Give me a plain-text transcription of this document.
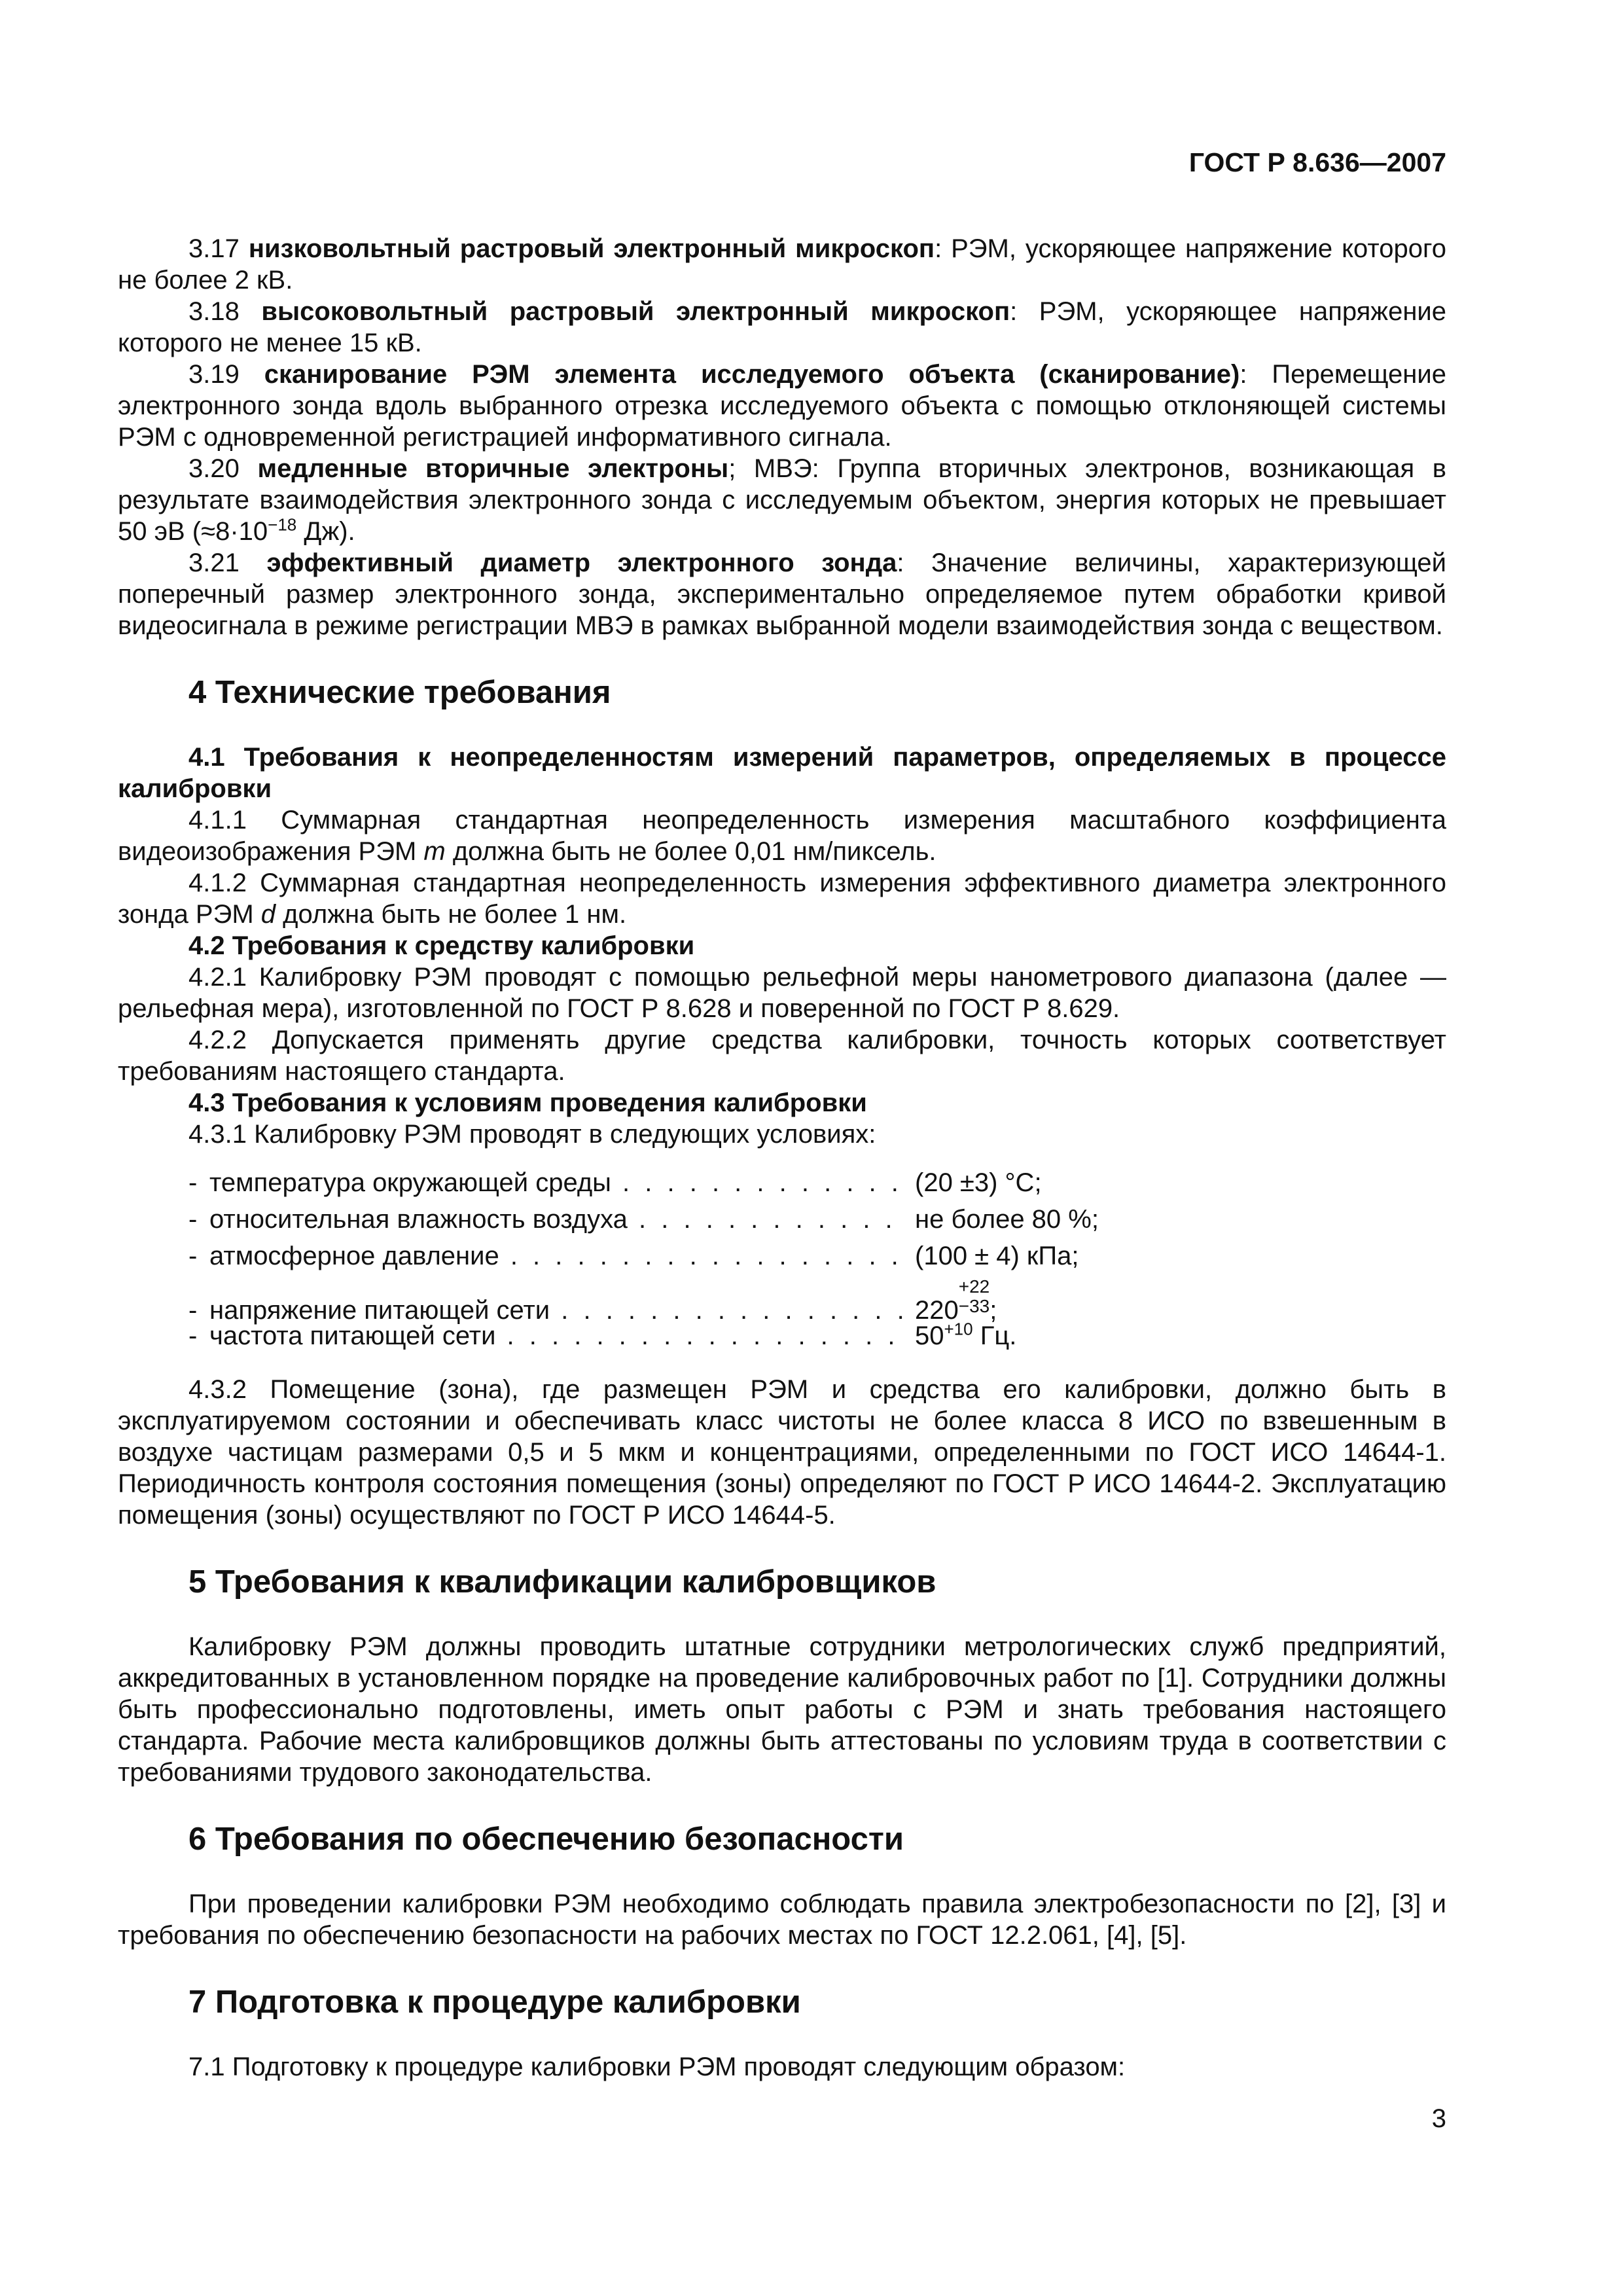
ГОСТ Р 8.636—2007

3.17 низковольтный растровый электронный микроскоп: РЭМ, ускоряющее напряжение которого не более 2 кВ.

3.18 высоковольтный растровый электронный микроскоп: РЭМ, ускоряющее напряжение которого не менее 15 кВ.

3.19 сканирование РЭМ элемента исследуемого объекта (сканирование): Перемещение электронного зонда вдоль выбранного отрезка исследуемого объекта с помощью отклоняющей системы РЭМ с одновременной регистрацией информативного сигнала.

3.20 медленные вторичные электроны; МВЭ: Группа вторичных электронов, возникающая в результате взаимодействия электронного зонда с исследуемым объектом, энергия которых не превышает 50 эВ ($\approx 8\cdot 10^{-18}$ Дж).

3.21 эффективный диаметр электронного зонда: Значение величины, характеризующей поперечный размер электронного зонда, экспериментально определяемое путем обработки кривой видеосигнала в режиме регистрации МВЭ в рамках выбранной модели взаимодействия зонда с веществом.

4 Технические требования
4.1 Требования к неопределенностям измерений параметров, определяемых в процессе калибровки

4.1.1 Суммарная стандартная неопределенность измерения масштабного коэффициента видеоизображения РЭМ m должна быть не более 0,01 нм/пиксель.

4.1.2 Суммарная стандартная неопределенность измерения эффективного диаметра электронного зонда РЭМ d должна быть не более 1 нм.

4.2 Требования к средству калибровки

4.2.1 Калибровку РЭМ проводят с помощью рельефной меры нанометрового диапазона (далее — рельефная мера), изготовленной по ГОСТ Р 8.628 и поверенной по ГОСТ Р 8.629.

4.2.2 Допускается применять другие средства калибровки, точность которых соответствует требованиям настоящего стандарта.

4.3 Требования к условиям проведения калибровки

4.3.1 Калибровку РЭМ проводят в следующих условиях:

- температура окружающей среды . . .	(20 ±3) °С;
- относительная влажность воздуха . . .	не более 80 %;
- атмосферное давление . . .	(100 ± 4) кПа;
- напряжение питающей сети . . .	220
+22
−33 ;
- частота питающей сети . . .	$50^{+10}$ Гц.

4.3.2 Помещение (зона), где размещен РЭМ и средства его калибровки, должно быть в эксплуатируемом состоянии и обеспечивать класс чистоты не более класса 8 ИСО по взвешенным в воздухе частицам размерами 0,5 и 5 мкм и концентрациями, определенными по ГОСТ ИСО 14644-1. Периодичность контроля состояния помещения (зоны) определяют по ГОСТ Р ИСО 14644-2. Эксплуатацию помещения (зоны) осуществляют по ГОСТ Р ИСО 14644-5.

5 Требования к квалификации калибровщиков

Калибровку РЭМ должны проводить штатные сотрудники метрологических служб предприятий, аккредитованных в установленном порядке на проведение калибровочных работ по [1]. Сотрудники должны быть профессионально подготовлены, иметь опыт работы с РЭМ и знать требования настоящего стандарта. Рабочие места калибровщиков должны быть аттестованы по условиям труда в соответствии с требованиями трудового законодательства.

6 Требования по обеспечению безопасности

При проведении калибровки РЭМ необходимо соблюдать правила электробезопасности по [2], [3] и требования по обеспечению безопасности на рабочих местах по ГОСТ 12.2.061, [4], [5].

7 Подготовка к процедуре калибровки

7.1 Подготовку к процедуре калибровки РЭМ проводят следующим образом:

3
